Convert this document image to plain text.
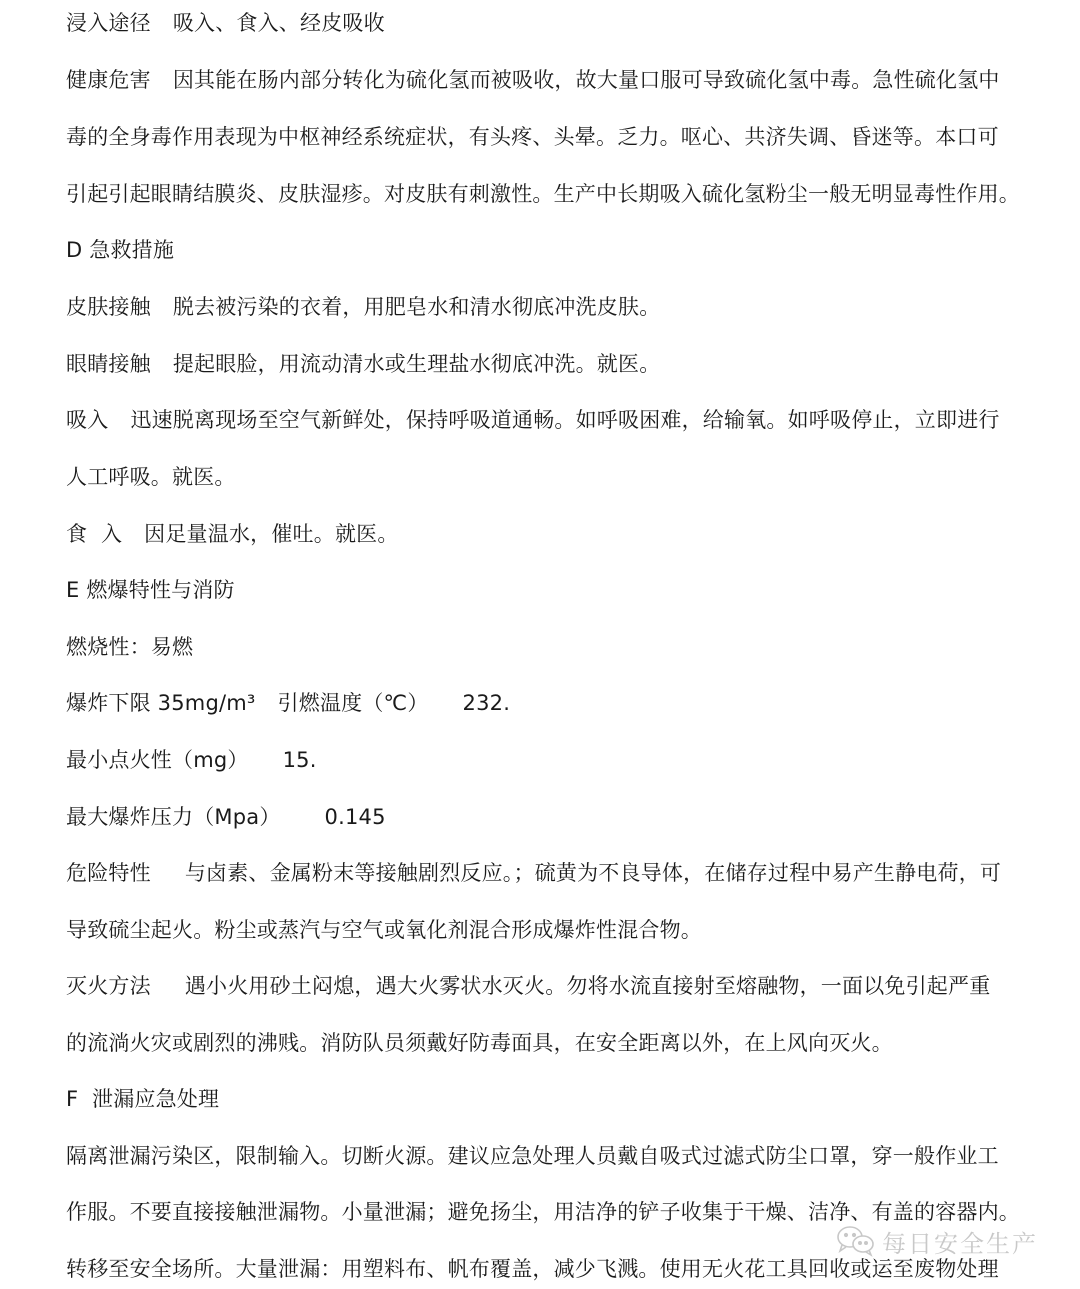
浸入途径 吸入、食入、经皮吸收
健康危害 因其能在肠内部分转化为硫化氢而被吸收，故大量口服可导致硫化氢中毒。急性硫化氢中
毒的全身毒作用表现为中枢神经系统症状，有头疼、头晕。乏力。呕心、共济失调、昏迷等。本口可
引起引起眼睛结膜炎、皮肤湿疹。对皮肤有刺激性。生产中长期吸入硫化氢粉尘一般无明显毒性作用。
D 急救措施
皮肤接触 脱去被污染的衣着，用肥皂水和清水彻底冲洗皮肤。
眼睛接触 提起眼脸，用流动清水或生理盐水彻底冲洗。就医。
吸入 迅速脱离现场至空气新鲜处，保持呼吸道通畅。如呼吸困难，给输氧。如呼吸停止，立即进行
人工呼吸。就医。
食  入 因足量温水，催吐。就医。
E 燃爆特性与消防
燃烧性：易燃
爆炸下限 35mg/m³ 引燃温度（℃） 232.
最小点火性（mg） 15.
最大爆炸压力（Mpa） 0.145
危险特性 与卤素、金属粉末等接触剧烈反应。；硫黄为不良导体，在储存过程中易产生静电荷，可
导致硫尘起火。粉尘或蒸汽与空气或氧化剂混合形成爆炸性混合物。
灭火方法 遇小火用砂土闷熄，遇大火雾状水灭火。勿将水流直接射至熔融物，一面以免引起严重
的流淌火灾或剧烈的沸贱。消防队员须戴好防毒面具，在安全距离以外，在上风向灭火。
F  泄漏应急处理
隔离泄漏污染区，限制输入。切断火源。建议应急处理人员戴自吸式过滤式防尘口罩，穿一般作业工
作服。不要直接接触泄漏物。小量泄漏；避免扬尘，用洁净的铲子收集于干燥、洁净、有盖的容器内。
转移至安全场所。大量泄漏：用塑料布、帆布覆盖，减少飞溅。使用无火花工具回收或运至废物处理
每日安全生产
